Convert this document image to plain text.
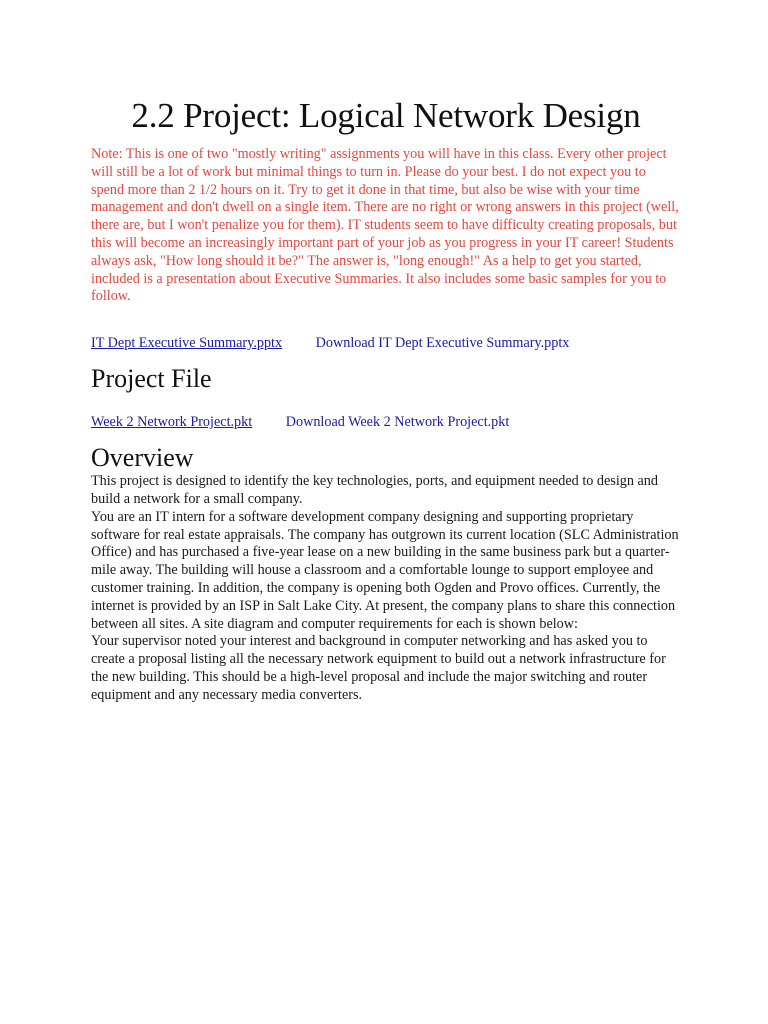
2.2 Project: Logical Network Design

Note: This is one of two "mostly writing" assignments you will have in this class. Every other project will still be a lot of work but minimal things to turn in. Please do your best. I do not expect you to spend more than 2 1/2 hours on it. Try to get it done in that time, but also be wise with your time management and don't dwell on a single item. There are no right or wrong answers in this project (well, there are, but I won't penalize you for them). IT students seem to have difficulty creating proposals, but this will become an increasingly important part of your job as you progress in your IT career! Students always ask, "How long should it be?" The answer is, "long enough!" As a help to get you started, included is a presentation about Executive Summaries. It also includes some basic samples for you to follow.

IT Dept Executive Summary.pptx Download IT Dept Executive Summary.pptx
Project File
Week 2 Network Project.pkt Download Week 2 Network Project.pkt
Overview

This project is designed to identify the key technologies, ports, and equipment needed to design and build a network for a small company.

You are an IT intern for a software development company designing and supporting proprietary software for real estate appraisals. The company has outgrown its current location (SLC Administration Office) and has purchased a five-year lease on a new building in the same business park but a quarter-mile away. The building will house a classroom and a comfortable lounge to support employee and customer training. In addition, the company is opening both Ogden and Provo offices. Currently, the internet is provided by an ISP in Salt Lake City. At present, the company plans to share this connection between all sites. A site diagram and computer requirements for each is shown below:

Your supervisor noted your interest and background in computer networking and has asked you to create a proposal listing all the necessary network equipment to build out a network infrastructure for the new building. This should be a high-level proposal and include the major switching and router equipment and any necessary media converters.
